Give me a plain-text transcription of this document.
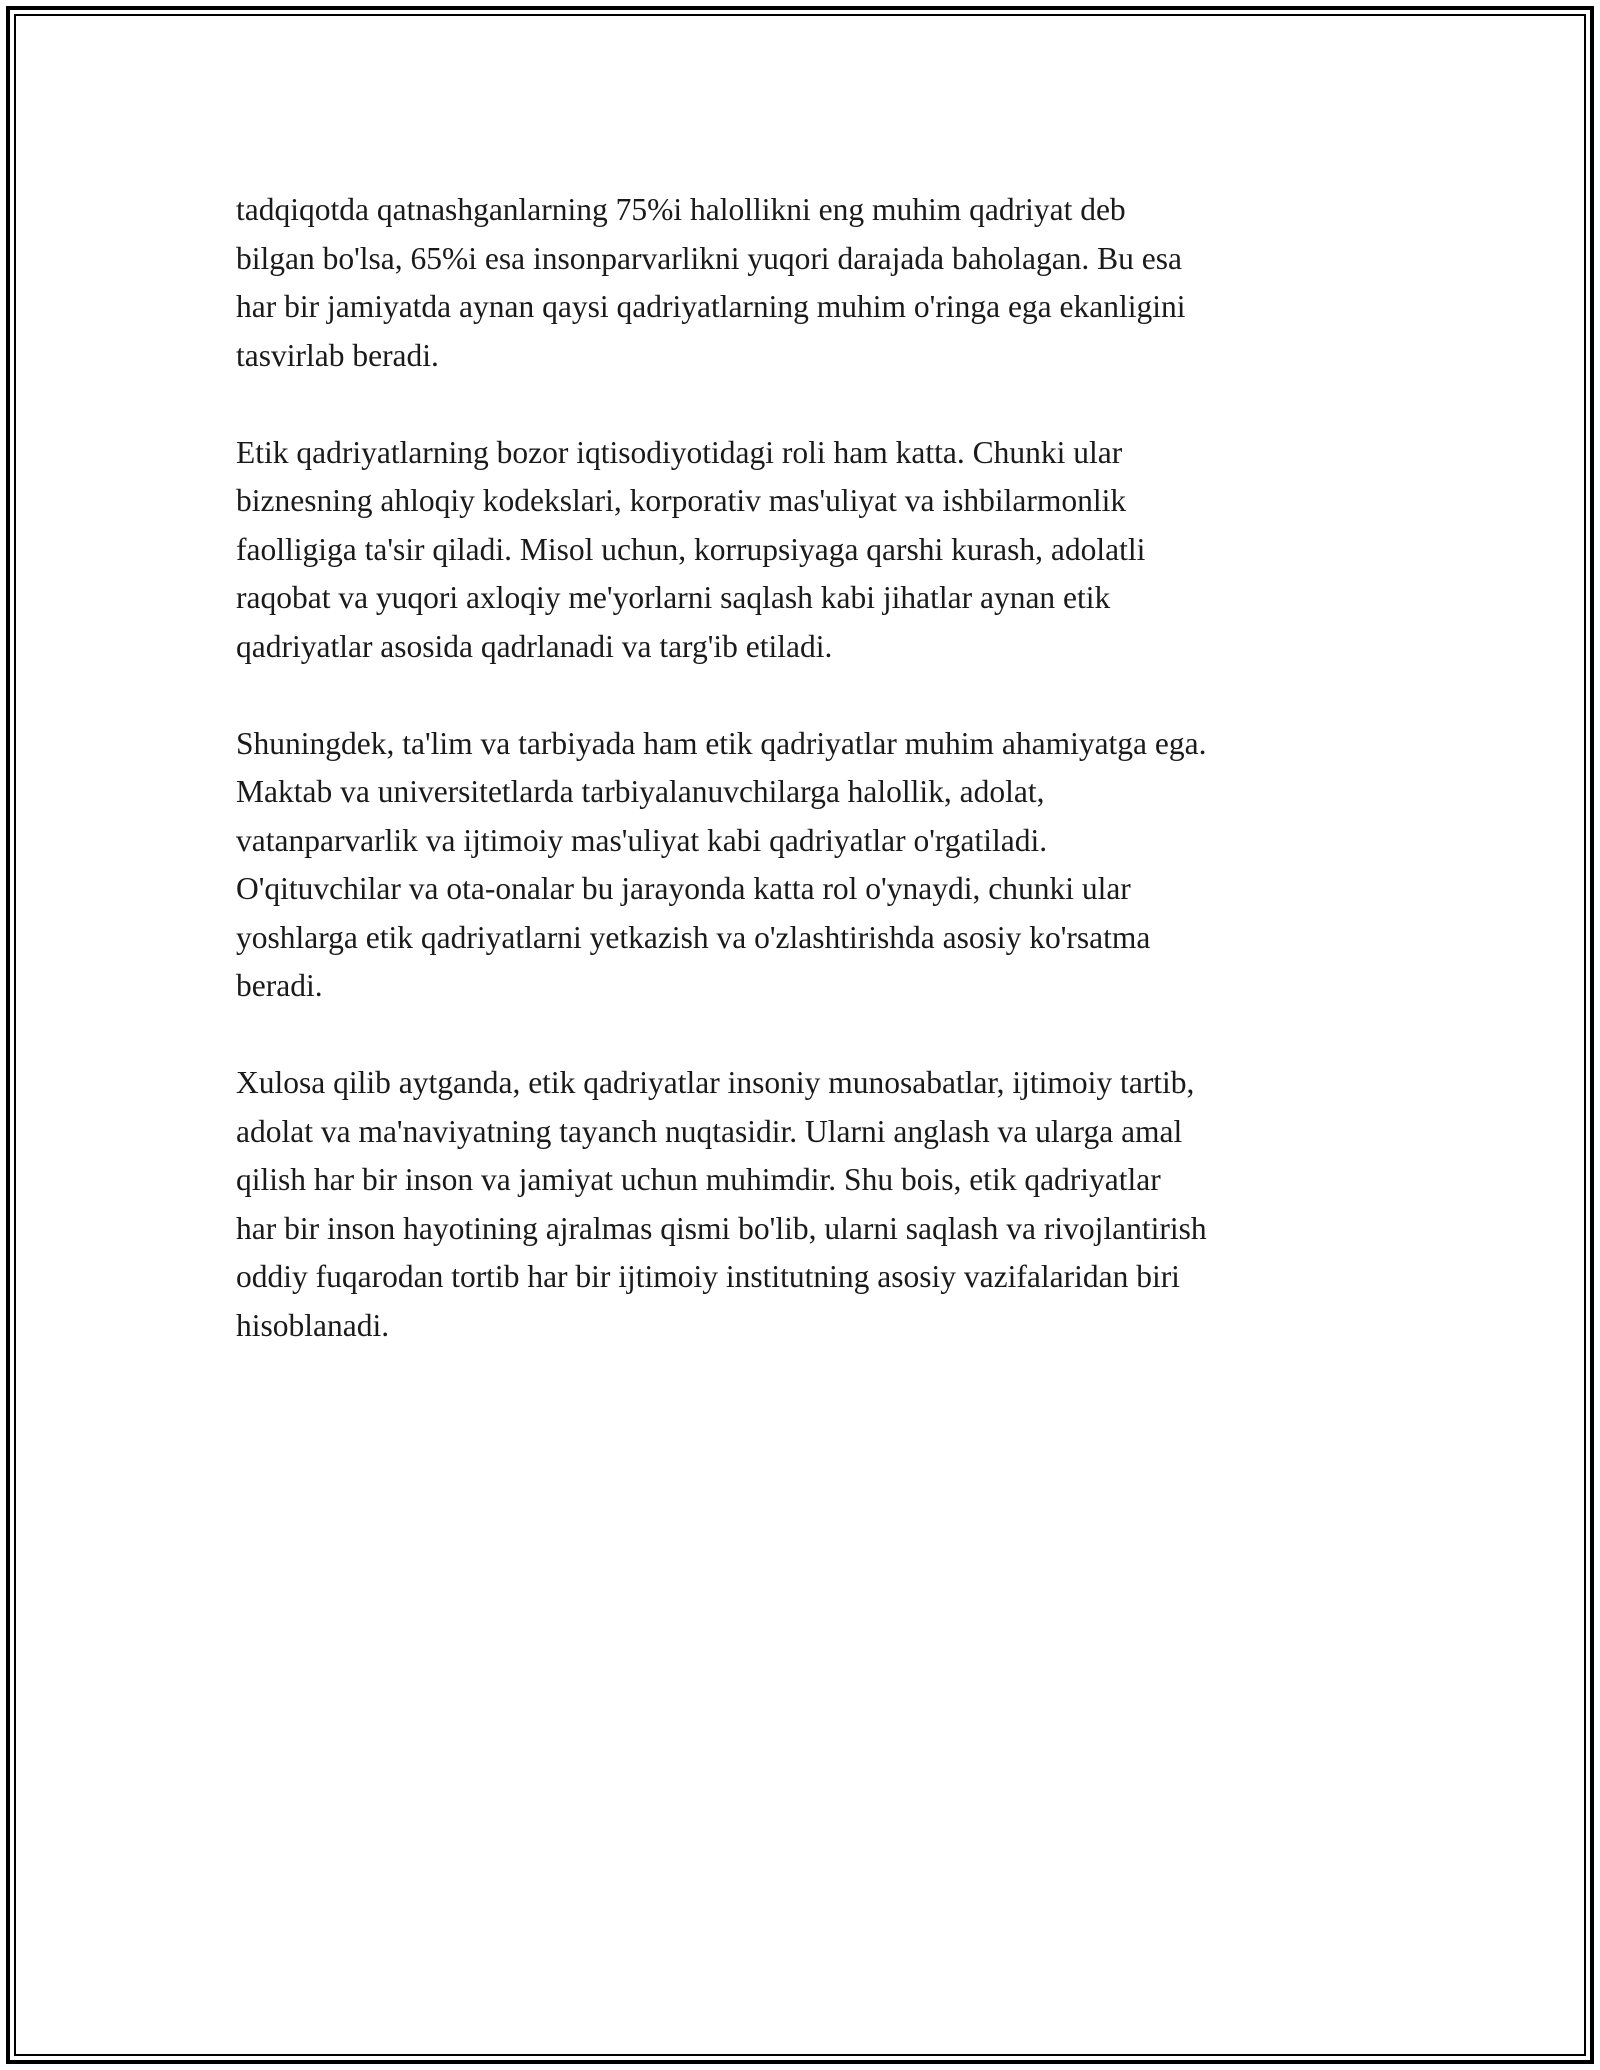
tadqiqotda qatnashganlarning 75%i halollikni eng muhim qadriyat deb
bilgan bo'lsa, 65%i esa insonparvarlikni yuqori darajada baholagan. Bu esa
har bir jamiyatda aynan qaysi qadriyatlarning muhim o'ringa ega ekanligini
tasvirlab beradi.

Etik qadriyatlarning bozor iqtisodiyotidagi roli ham katta. Chunki ular
biznesning ahloqiy kodekslari, korporativ mas'uliyat va ishbilarmonlik
faolligiga ta'sir qiladi. Misol uchun, korrupsiyaga qarshi kurash, adolatli
raqobat va yuqori axloqiy me'yorlarni saqlash kabi jihatlar aynan etik
qadriyatlar asosida qadrlanadi va targ'ib etiladi.

Shuningdek, ta'lim va tarbiyada ham etik qadriyatlar muhim ahamiyatga ega.
Maktab va universitetlarda tarbiyalanuvchilarga halollik, adolat,
vatanparvarlik va ijtimoiy mas'uliyat kabi qadriyatlar o'rgatiladi.
O'qituvchilar va ota-onalar bu jarayonda katta rol o'ynaydi, chunki ular
yoshlarga etik qadriyatlarni yetkazish va o'zlashtirishda asosiy ko'rsatma
beradi.

Xulosa qilib aytganda, etik qadriyatlar insoniy munosabatlar, ijtimoiy tartib,
adolat va ma'naviyatning tayanch nuqtasidir. Ularni anglash va ularga amal
qilish har bir inson va jamiyat uchun muhimdir. Shu bois, etik qadriyatlar
har bir inson hayotining ajralmas qismi bo'lib, ularni saqlash va rivojlantirish
oddiy fuqarodan tortib har bir ijtimoiy institutning asosiy vazifalaridan biri
hisoblanadi.
